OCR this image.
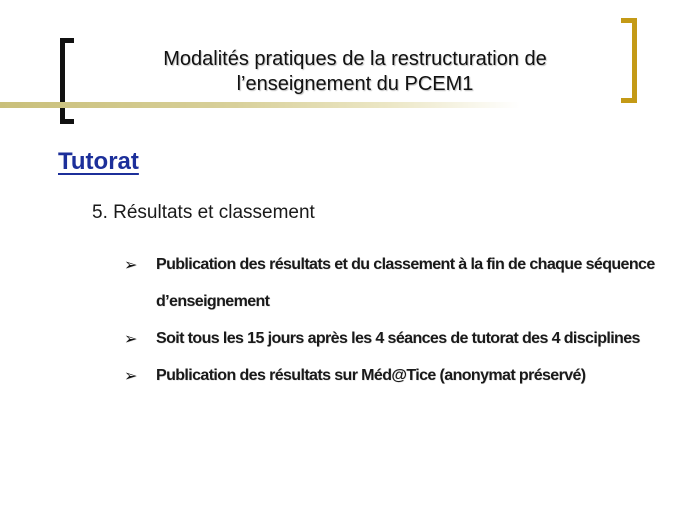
Modalités pratiques de la restructuration de
l’enseignement du PCEM1
Tutorat
5. Résultats et classement
➢ Publication des résultats et du classement à la fin de chaque séquence d’enseignement
➢ Soit tous les 15 jours après les 4 séances de tutorat des 4 disciplines
➢ Publication des résultats sur Méd@Tice (anonymat préservé)
